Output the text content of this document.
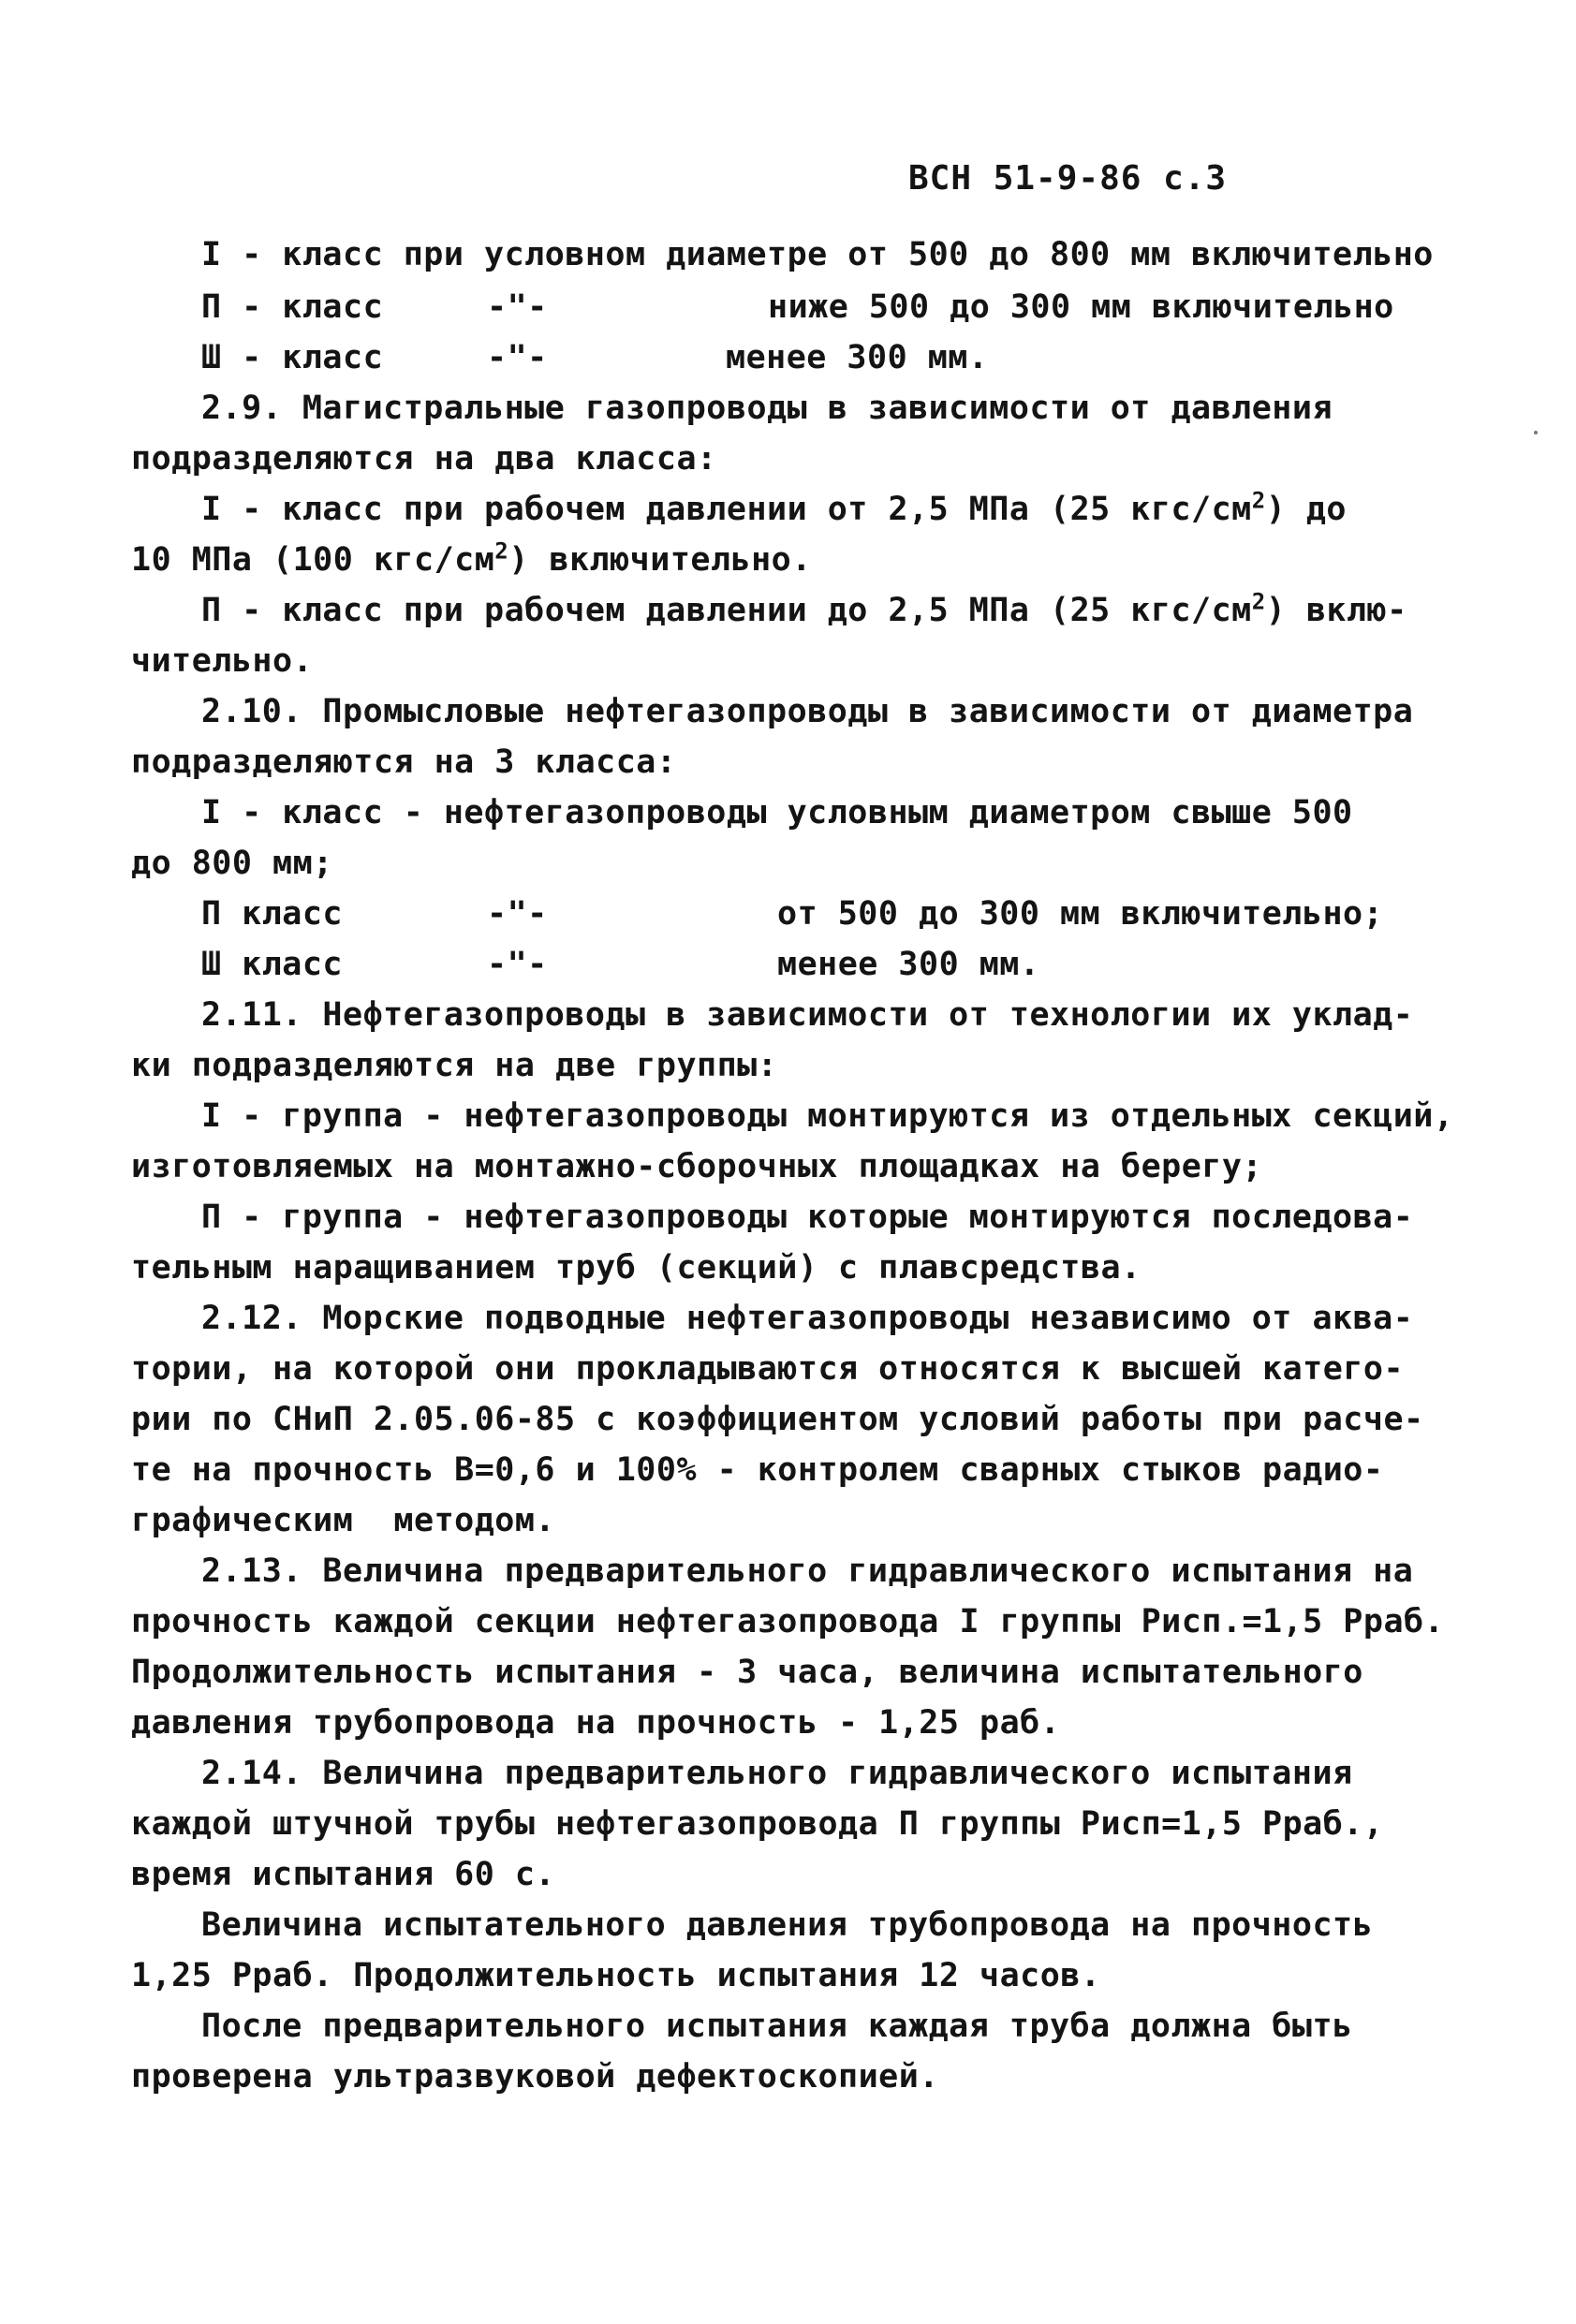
ВСН 51-9-86 с.3
I - класс при условном диаметре от 500 до 800 мм включительно
П - класс	-"-	ниже 500 до 300 мм включительно
Ш - класс	-"-	менее 300 мм.
2.9. Магистральные газопроводы в зависимости от давления
подразделяются на два класса:
I - класс при рабочем давлении от 2,5 МПа (25 кгс/$см^2$) до
10 МПа (100 кгс/$см^2$) включительно.
П - класс при рабочем давлении до 2,5 МПа (25 кгс/$см^2$) вклю-
чительно.
2.10. Промысловые нефтегазопроводы в зависимости от диаметра
подразделяются на 3 класса:
I - класс - нефтегазопроводы условным диаметром свыше 500
до 800 мм;
П класс	-"-	от 500 до 300 мм включительно;
Ш класс	-"-	менее 300 мм.
2.11. Нефтегазопроводы в зависимости от технологии их уклад-
ки подразделяются на две группы:
I - группа - нефтегазопроводы монтируются из отдельных секций,
изготовляемых на монтажно-сборочных площадках на берегу;
П - группа - нефтегазопроводы которые монтируются последова-
тельным наращиванием труб (секций) с плавсредства.
2.12. Морские подводные нефтегазопроводы независимо от аква-
тории, на которой они прокладываются относятся к высшей катего-
рии по СНиП 2.05.06-85 с коэффициентом условий работы при расче-
те на прочность В=0,6 и 100% - контролем сварных стыков радио-
графическим  методом.
2.13. Величина предварительного гидравлического испытания на
прочность каждой секции нефтегазопровода I группы Рисп.=1,5 Рраб.
Продолжительность испытания - 3 часа, величина испытательного
давления трубопровода на прочность - 1,25 раб.
2.14. Величина предварительного гидравлического испытания
каждой штучной трубы нефтегазопровода П группы Рисп=1,5 Рраб.,
время испытания 60 с.
Величина испытательного давления трубопровода на прочность
1,25 Рраб. Продолжительность испытания 12 часов.
После предварительного испытания каждая труба должна быть
проверена ультразвуковой дефектоскопией.
